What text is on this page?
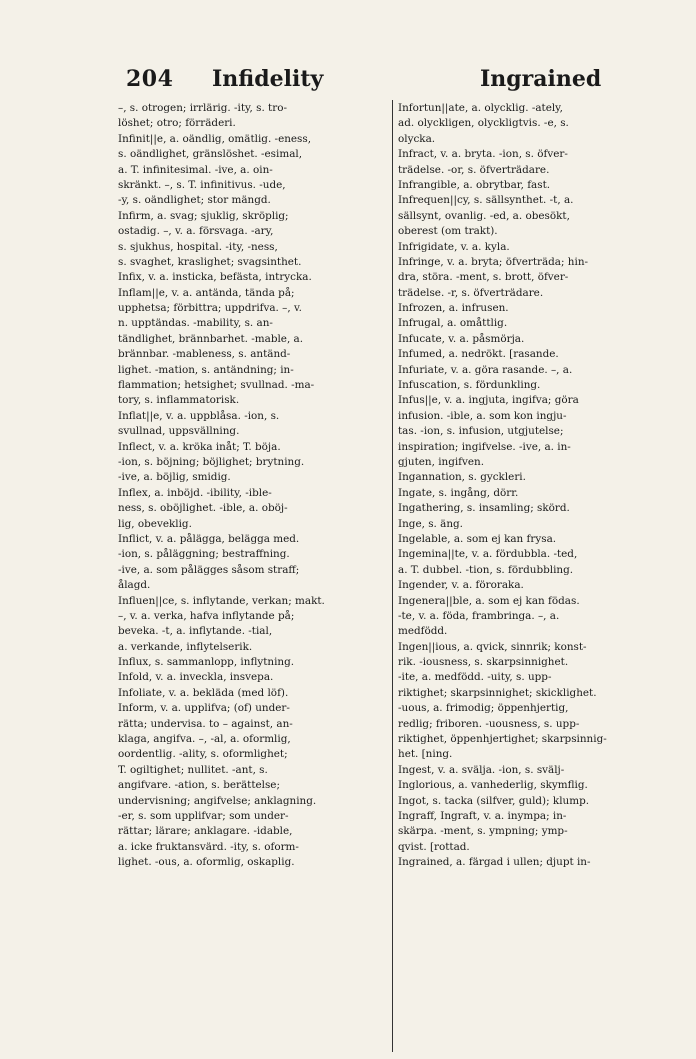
204 Infidelity	Ingrained
–, s. otrogen; irrlärig. -ity, s. tro-
löshet; otro; förräderi.
Infinit||e, a. oändlig, omätlig. -eness,
s. oändlighet, gränslöshet. -esimal,
a. T. infinitesimal. -ive, a. oin-
skränkt. –, s. T. infinitivus. -ude,
-y, s. oändlighet; stor mängd.
Infirm, a. svag; sjuklig, skröplig;
ostadig. –, v. a. försvaga. -ary,
s. sjukhus, hospital. -ity, -ness,
s. svaghet, kraslighet; svagsinthet.
Infix, v. a. insticka, befästa, intrycka.
Inflam||e, v. a. antända, tända på;
upphetsa; förbittra; uppdrifva. –, v.
n. upptändas. -mability, s. an-
tändlighet, brännbarhet. -mable, a.
brännbar. -mableness, s. antänd-
lighet. -mation, s. antändning; in-
flammation; hetsighet; svullnad. -ma-
tory, s. inflammatorisk.
Inflat||e, v. a. uppblåsa. -ion, s.
svullnad, uppsvällning.
Inflect, v. a. kröka inåt; T. böja.
-ion, s. böjning; böjlighet; brytning.
-ive, a. böjlig, smidig.
Inflex, a. inböjd. -ibility, -ible-
ness, s. oböjlighet. -ible, a. oböj-
lig, obeveklig.
Inflict, v. a. pålägga, belägga med.
-ion, s. påläggning; bestraffning.
-ive, a. som pålägges såsom straff;
ålagd.
Influen||ce, s. inflytande, verkan; makt.
–, v. a. verka, hafva inflytande på;
beveka. -t, a. inflytande. -tial,
a. verkande, inflytelserik.
Influx, s. sammanlopp, inflytning.
Infold, v. a. inveckla, insvepa.
Infoliate, v. a. bekläda (med löf).
Inform, v. a. upplifva; (of) under-
rätta; undervisa. to – against, an-
klaga, angifva. –, -al, a. oformlig,
oordentlig. -ality, s. oformlighet;
T. ogiltighet; nullitet. -ant, s.
angifvare. -ation, s. berättelse;
undervisning; angifvelse; anklagning.
-er, s. som upplifvar; som under-
rättar; lärare; anklagare. -idable,
a. icke fruktansvärd. -ity, s. oform-
lighet. -ous, a. oformlig, oskaplig.
Infortun||ate, a. olycklig. -ately,
ad. olyckligen, olyckligtvis. -e, s.
olycka.
Infract, v. a. bryta. -ion, s. öfver-
trädelse. -or, s. öfverträdare.
Infrangible, a. obrytbar, fast.
Infrequen||cy, s. sällsynthet. -t, a.
sällsynt, ovanlig. -ed, a. obesökt,
oberest (om trakt).
Infrigidate, v. a. kyla.
Infringe, v. a. bryta; öfverträda; hin-
dra, störa. -ment, s. brott, öfver-
trädelse. -r, s. öfverträdare.
Infrozen, a. infrusen.
Infrugal, a. omåttlig.
Infucate, v. a. påsmörja.
Infumed, a. nedrökt. [rasande.
Infuriate, v. a. göra rasande. –, a.
Infuscation, s. fördunkling.
Infus||e, v. a. ingjuta, ingifva; göra
infusion. -ible, a. som kon ingju-
tas. -ion, s. infusion, utgjutelse;
inspiration; ingifvelse. -ive, a. in-
gjuten, ingifven.
Ingannation, s. gyckleri.
Ingate, s. ingång, dörr.
Ingathering, s. insamling; skörd.
Inge, s. äng.
Ingelable, a. som ej kan frysa.
Ingemina||te, v. a. fördubbla. -ted,
a. T. dubbel. -tion, s. fördubbling.
Ingender, v. a. föroraka.
Ingenera||ble, a. som ej kan födas.
-te, v. a. föda, frambringa. –, a.
medfödd.
Ingen||ious, a. qvick, sinnrik; konst-
rik. -iousness, s. skarpsinnighet.
-ite, a. medfödd. -uity, s. upp-
riktighet; skarpsinnighet; skicklighet.
-uous, a. frimodig; öppenhjertig,
redlig; friboren. -uousness, s. upp-
riktighet, öppenhjertighet; skarpsinnig-
het. [ning.
Ingest, v. a. svälja. -ion, s. svälj-
Inglorious, a. vanhederlig, skymflig.
Ingot, s. tacka (silfver, guld); klump.
Ingraff, Ingraft, v. a. inympa; in-
skärpa. -ment, s. ympning; ymp-
qvist. [rottad.
Ingrained, a. färgad i ullen; djupt in-
